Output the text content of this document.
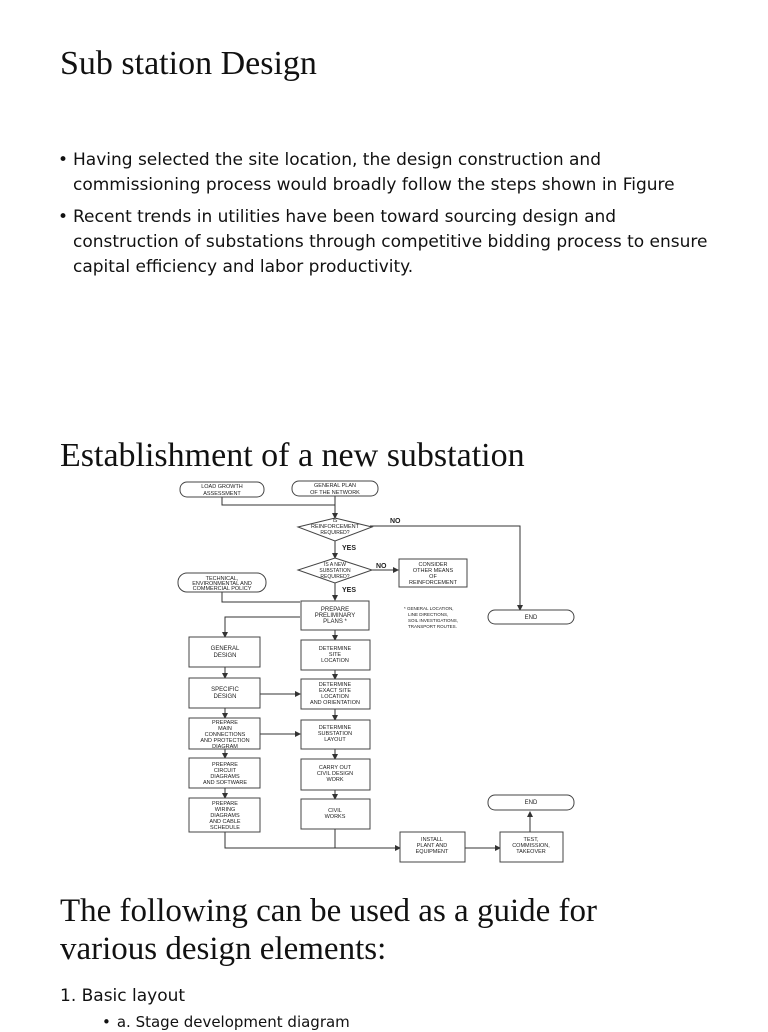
Sub station Design
• Having selected the site location, the design construction and commissioning process would broadly follow the steps shown in Figure
• Recent trends in utilities have been toward sourcing design and construction of substations through competitive bidding process to ensure capital efficiency and labor productivity.
Establishment of a new substation
LOAD GROWTH
ASSESSMENT
GENERAL PLAN
OF THE NETWORK
IS
REINFORCEMENT
REQUIRED?
NO
YES
IS A NEW
SUBSTATION
REQUIRED?
NO
YES
CONSIDER
OTHER MEANS
OF
REINFORCEMENT
TECHNICAL,
ENVIRONMENTAL AND
COMMERCIAL POLICY
PREPARE
PRELIMINARY
PLANS *
* GENERAL LOCATION,
LINE DIRECTIONS,
SOIL INVESTIGATIONS,
TRANSPORT ROUTES.
END
GENERAL
DESIGN
SPECIFIC
DESIGN
PREPARE
MAIN
CONNECTIONS
AND PROTECTION
DIAGRAM
PREPARE
CIRCUIT
DIAGRAMS
AND SOFTWARE
PREPARE
WIRING
DIAGRAMS
AND CABLE
SCHEDULE
DETERMINE
SITE
LOCATION
DETERMINE
EXACT SITE
LOCATION
AND ORIENTATION
DETERMINE
SUBSTATION
LAYOUT
CARRY OUT
CIVIL DESIGN
WORK
CIVIL
WORKS
INSTALL
PLANT AND
EQUIPMENT
TEST,
COMMISSION,
TAKEOVER
END
The following can be used as a guide for
various design elements:

1. Basic layout

• a. Stage development diagram
